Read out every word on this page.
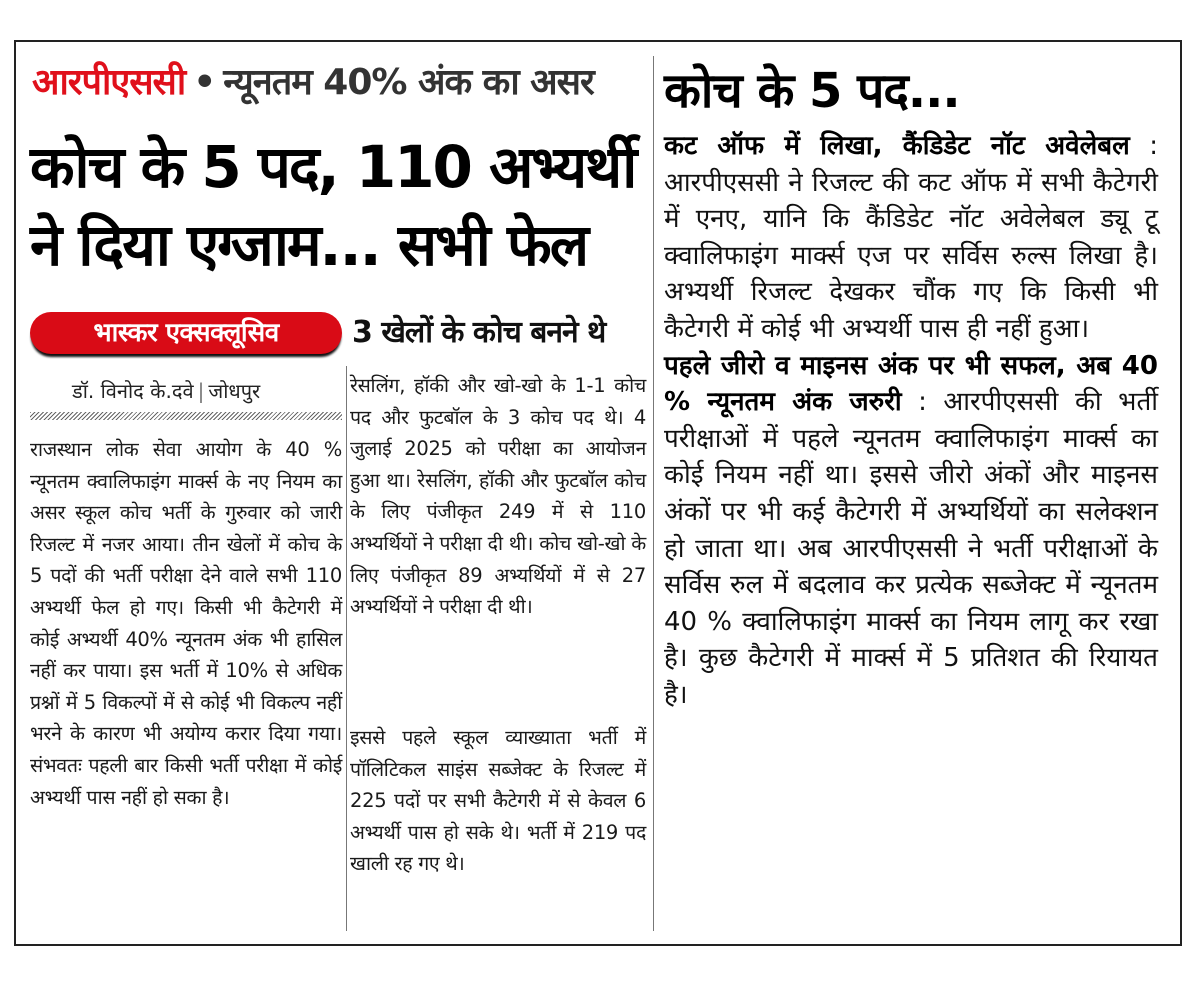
आरपीएससी • न्यूनतम 40% अंक का असर
कोच के 5 पद, 110 अभ्यर्थी ने दिया एग्जाम... सभी फेल
भास्कर एक्सक्लूसिव	3 खेलों के कोच बनने थे
डॉ. विनोद के.दवे | जोधपुर

राजस्थान लोक सेवा आयोग के 40 % न्यूनतम क्वालिफाइंग मार्क्स के नए नियम का असर स्कूल कोच भर्ती के गुरुवार को जारी रिजल्ट में नजर आया। तीन खेलों में कोच के 5 पदों की भर्ती परीक्षा देने वाले सभी 110 अभ्यर्थी फेल हो गए। किसी भी कैटेगरी में कोई अभ्यर्थी 40% न्यूनतम अंक भी हासिल नहीं कर पाया। इस भर्ती में 10% से अधिक प्रश्नों में 5 विकल्पों में से कोई भी विकल्प नहीं भरने के कारण भी अयोग्य करार दिया गया। संभवतः पहली बार किसी भर्ती परीक्षा में कोई अभ्यर्थी पास नहीं हो सका है।

रेसलिंग, हॉकी और खो-खो के 1-1 कोच पद और फुटबॉल के 3 कोच पद थे। 4 जुलाई 2025 को परीक्षा का आयोजन हुआ था। रेसलिंग, हॉकी और फुटबॉल कोच के लिए पंजीकृत 249 में से 110 अभ्यर्थियों ने परीक्षा दी थी। कोच खो-खो के लिए पंजीकृत 89 अभ्यर्थियों में से 27 अभ्यर्थियों ने परीक्षा दी थी।

इससे पहले स्कूल व्याख्याता भर्ती में पॉलिटिकल साइंस सब्जेक्ट के रिजल्ट में 225 पदों पर सभी कैटेगरी में से केवल 6 अभ्यर्थी पास हो सके थे। भर्ती में 219 पद खाली रह गए थे।

कोच के 5 पद...

कट ऑफ में लिखा, कैंडिडेट नॉट अवेलेबल : आरपीएससी ने रिजल्ट की कट ऑफ में सभी कैटेगरी में एनए, यानि कि कैंडिडेट नॉट अवेलेबल ड्यू टू क्वालिफाइंग मार्क्स एज पर सर्विस रुल्स लिखा है। अभ्यर्थी रिजल्ट देखकर चौंक गए कि किसी भी कैटेगरी में कोई भी अभ्यर्थी पास ही नहीं हुआ।
पहले जीरो व माइनस अंक पर भी सफल, अब 40 % न्यूनतम अंक जरुरी : आरपीएससी की भर्ती परीक्षाओं में पहले न्यूनतम क्वालिफाइंग मार्क्स का कोई नियम नहीं था। इससे जीरो अंकों और माइनस अंकों पर भी कई कैटेगरी में अभ्यर्थियों का सलेक्शन हो जाता था। अब आरपीएससी ने भर्ती परीक्षाओं के सर्विस रुल में बदलाव कर प्रत्येक सब्जेक्ट में न्यूनतम 40 % क्वालिफाइंग मार्क्स का नियम लागू कर रखा है। कुछ कैटेगरी में मार्क्स में 5 प्रतिशत की रियायत है।
